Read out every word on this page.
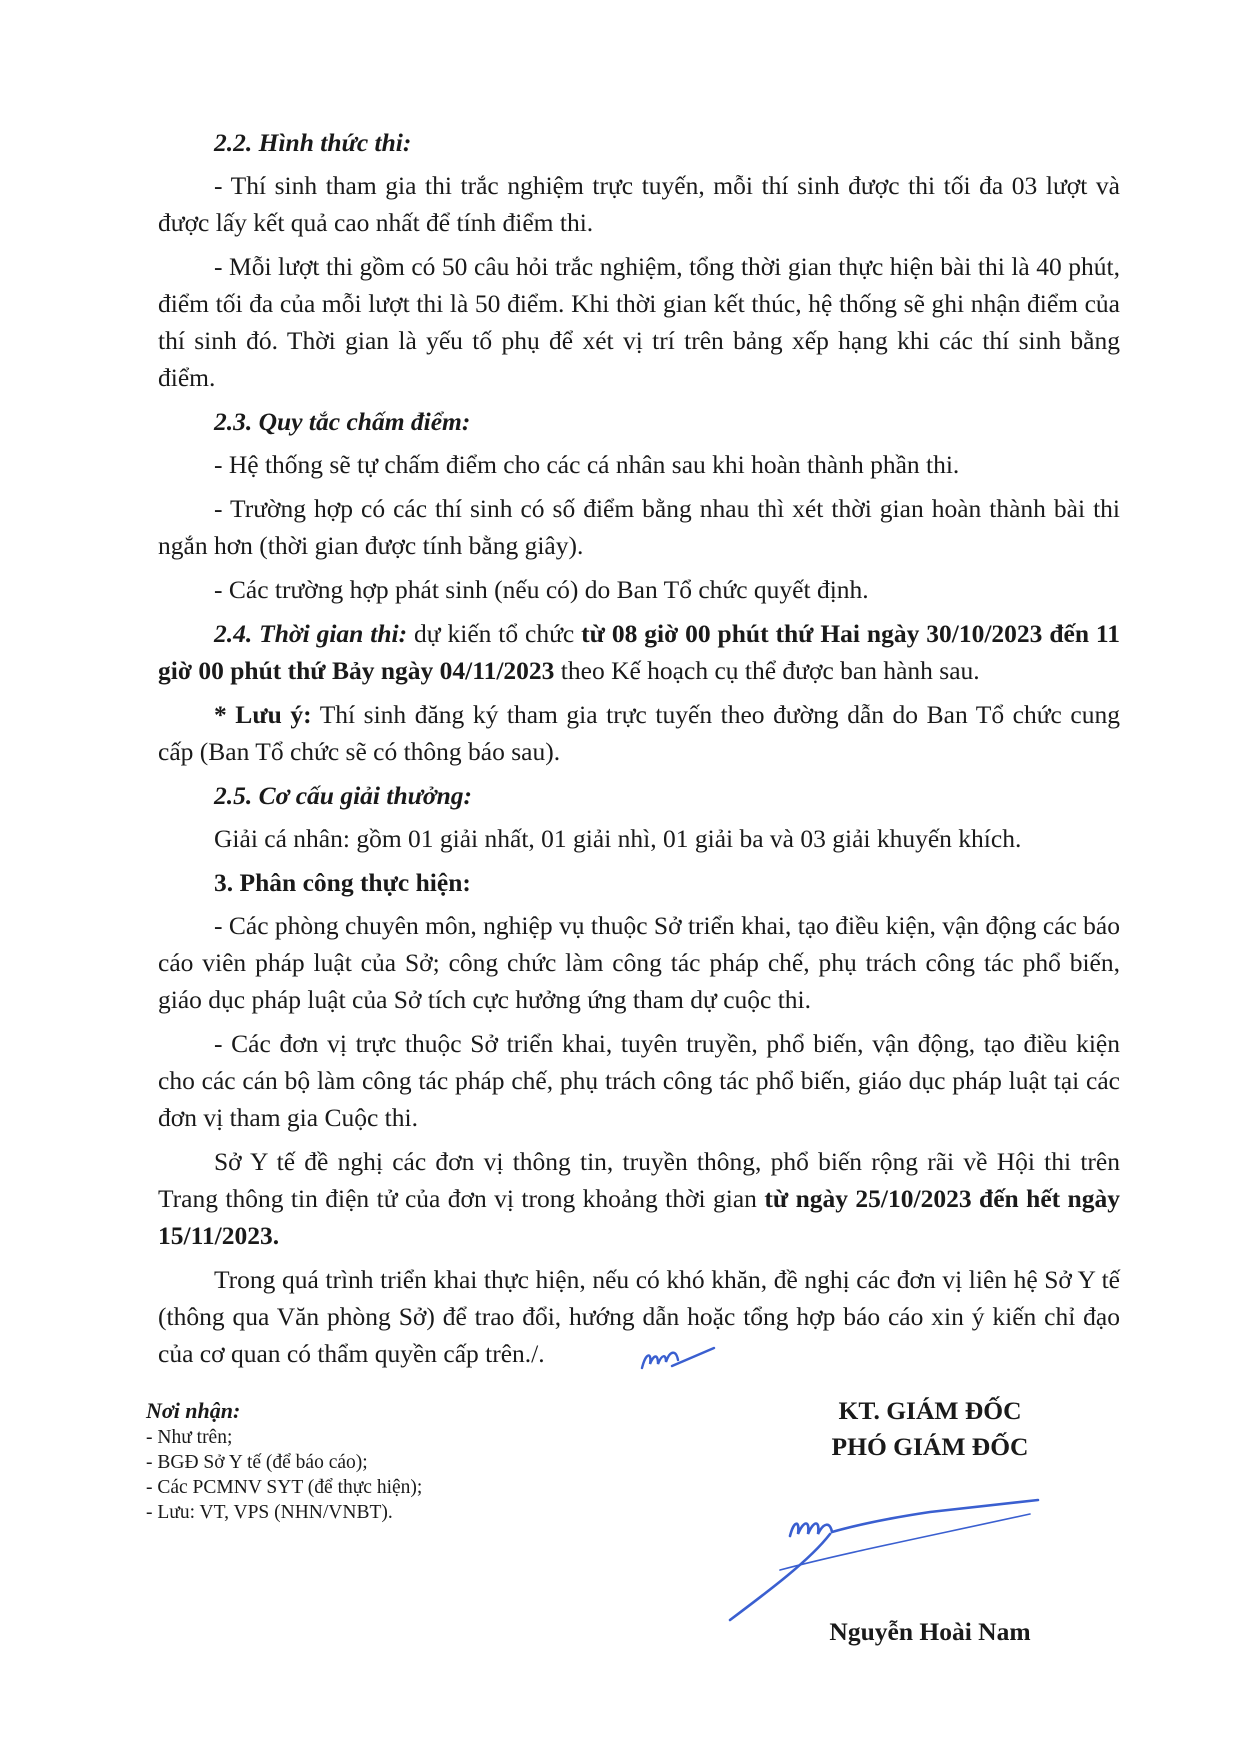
2.2. Hình thức thi:

- Thí sinh tham gia thi trắc nghiệm trực tuyến, mỗi thí sinh được thi tối đa 03 lượt và được lấy kết quả cao nhất để tính điểm thi.

- Mỗi lượt thi gồm có 50 câu hỏi trắc nghiệm, tổng thời gian thực hiện bài thi là 40 phút, điểm tối đa của mỗi lượt thi là 50 điểm. Khi thời gian kết thúc, hệ thống sẽ ghi nhận điểm của thí sinh đó. Thời gian là yếu tố phụ để xét vị trí trên bảng xếp hạng khi các thí sinh bằng điểm.

2.3. Quy tắc chấm điểm:

- Hệ thống sẽ tự chấm điểm cho các cá nhân sau khi hoàn thành phần thi.

- Trường hợp có các thí sinh có số điểm bằng nhau thì xét thời gian hoàn thành bài thi ngắn hơn (thời gian được tính bằng giây).

- Các trường hợp phát sinh (nếu có) do Ban Tổ chức quyết định.

2.4. Thời gian thi: dự kiến tổ chức từ 08 giờ 00 phút thứ Hai ngày 30/10/2023 đến 11 giờ 00 phút thứ Bảy ngày 04/11/2023 theo Kế hoạch cụ thể được ban hành sau.

* Lưu ý: Thí sinh đăng ký tham gia trực tuyến theo đường dẫn do Ban Tổ chức cung cấp (Ban Tổ chức sẽ có thông báo sau).

2.5. Cơ cấu giải thưởng:

Giải cá nhân: gồm 01 giải nhất, 01 giải nhì, 01 giải ba và 03 giải khuyến khích.

3. Phân công thực hiện:

- Các phòng chuyên môn, nghiệp vụ thuộc Sở triển khai, tạo điều kiện, vận động các báo cáo viên pháp luật của Sở; công chức làm công tác pháp chế, phụ trách công tác phổ biến, giáo dục pháp luật của Sở tích cực hưởng ứng tham dự cuộc thi.

- Các đơn vị trực thuộc Sở triển khai, tuyên truyền, phổ biến, vận động, tạo điều kiện cho các cán bộ làm công tác pháp chế, phụ trách công tác phổ biến, giáo dục pháp luật tại các đơn vị tham gia Cuộc thi.

Sở Y tế đề nghị các đơn vị thông tin, truyền thông, phổ biến rộng rãi về Hội thi trên Trang thông tin điện tử của đơn vị trong khoảng thời gian từ ngày 25/10/2023 đến hết ngày 15/11/2023.

Trong quá trình triển khai thực hiện, nếu có khó khăn, đề nghị các đơn vị liên hệ Sở Y tế (thông qua Văn phòng Sở) để trao đổi, hướng dẫn hoặc tổng hợp báo cáo xin ý kiến chỉ đạo của cơ quan có thẩm quyền cấp trên./.

Nơi nhận:
- Như trên;
- BGĐ Sở Y tế (để báo cáo);
- Các PCMNV SYT (để thực hiện);
- Lưu: VT, VPS (NHN/VNBT).
KT. GIÁM ĐỐC
PHÓ GIÁM ĐỐC
Nguyễn Hoài Nam
